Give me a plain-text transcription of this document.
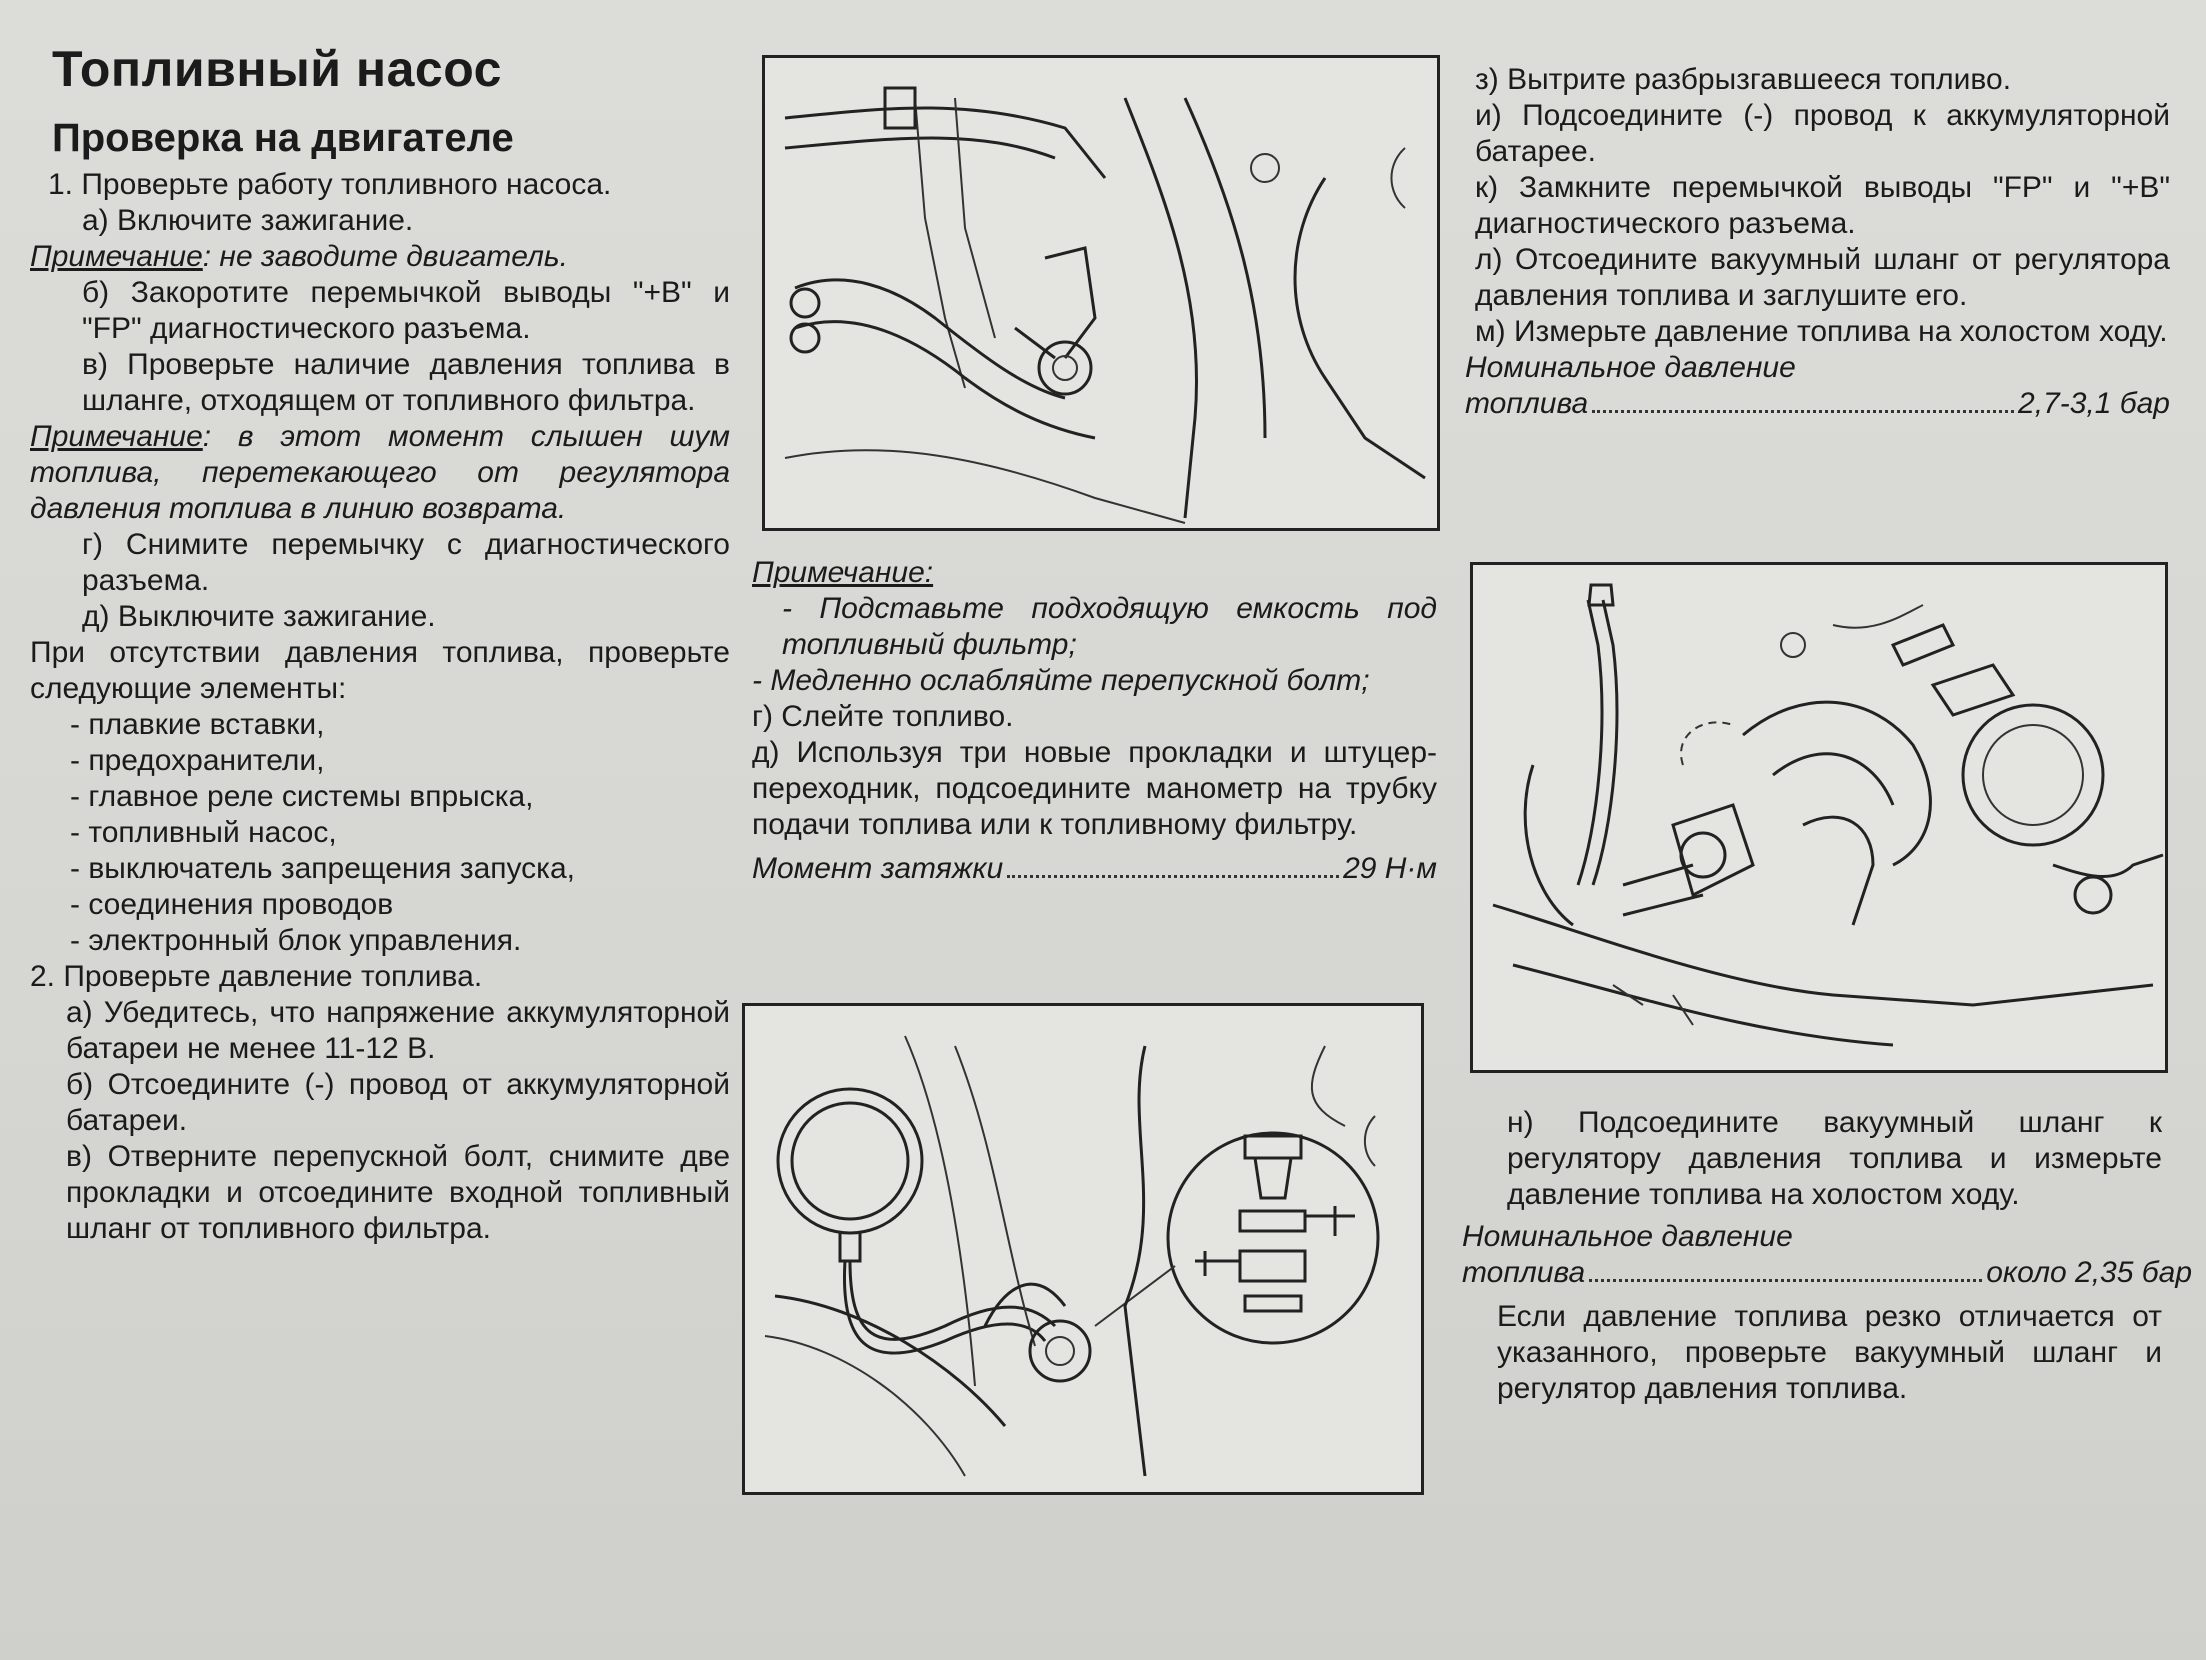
Топливный насос
Проверка на двигателе

1. Проверьте работу топливного насоса.

а) Включите зажигание.

Примечание: не заводите двигатель.

б) Закоротите перемычкой выводы "+B" и "FP" диагностического разъема.

в) Проверьте наличие давления топлива в шланге, отходящем от топливного фильтра.

Примечание: в этот момент слышен шум топлива, перетекающего от регулятора давления топлива в линию возврата.

г) Снимите перемычку с диагностического разъема.

д) Выключите зажигание.

При отсутствии давления топлива, проверьте следующие элементы:

- плавкие вставки,

- предохранители,

- главное реле системы впрыска,

- топливный насос,

- выключатель запрещения запуска,

- соединения проводов

- электронный блок управления.

2. Проверьте давление топлива.

а) Убедитесь, что напряжение аккумуляторной батареи не менее 11-12 В.

б) Отсоедините (-) провод от аккумуляторной батареи.

в) Отверните перепускной болт, снимите две прокладки и отсоедините входной топливный шланг от топливного фильтра.

Примечание:

- Подставьте подходящую емкость под топливный фильтр;

- Медленно ослабляйте перепускной болт;

г) Слейте топливо.

д) Используя три новые прокладки и штуцер-переходник, подсоедините манометр на трубку подачи топлива или к топливному фильтру.

Момент затяжки	29 Н·м

з) Вытрите разбрызгавшееся топливо.

и) Подсоедините (-) провод к аккумуляторной батарее.

к) Замкните перемычкой выводы "FP" и "+B" диагностического разъема.

л) Отсоедините вакуумный шланг от регулятора давления топлива и заглушите его.

м) Измерьте давление топлива на холостом ходу.

Номинальное давление
топлива	2,7-3,1 бар

н) Подсоедините вакуумный шланг к регулятору давления топлива и измерьте давление топлива на холостом ходу.

Номинальное давление
топлива	около 2,35 бар

Если давление топлива резко отличается от указанного, проверьте вакуумный шланг и регулятор давления топлива.
